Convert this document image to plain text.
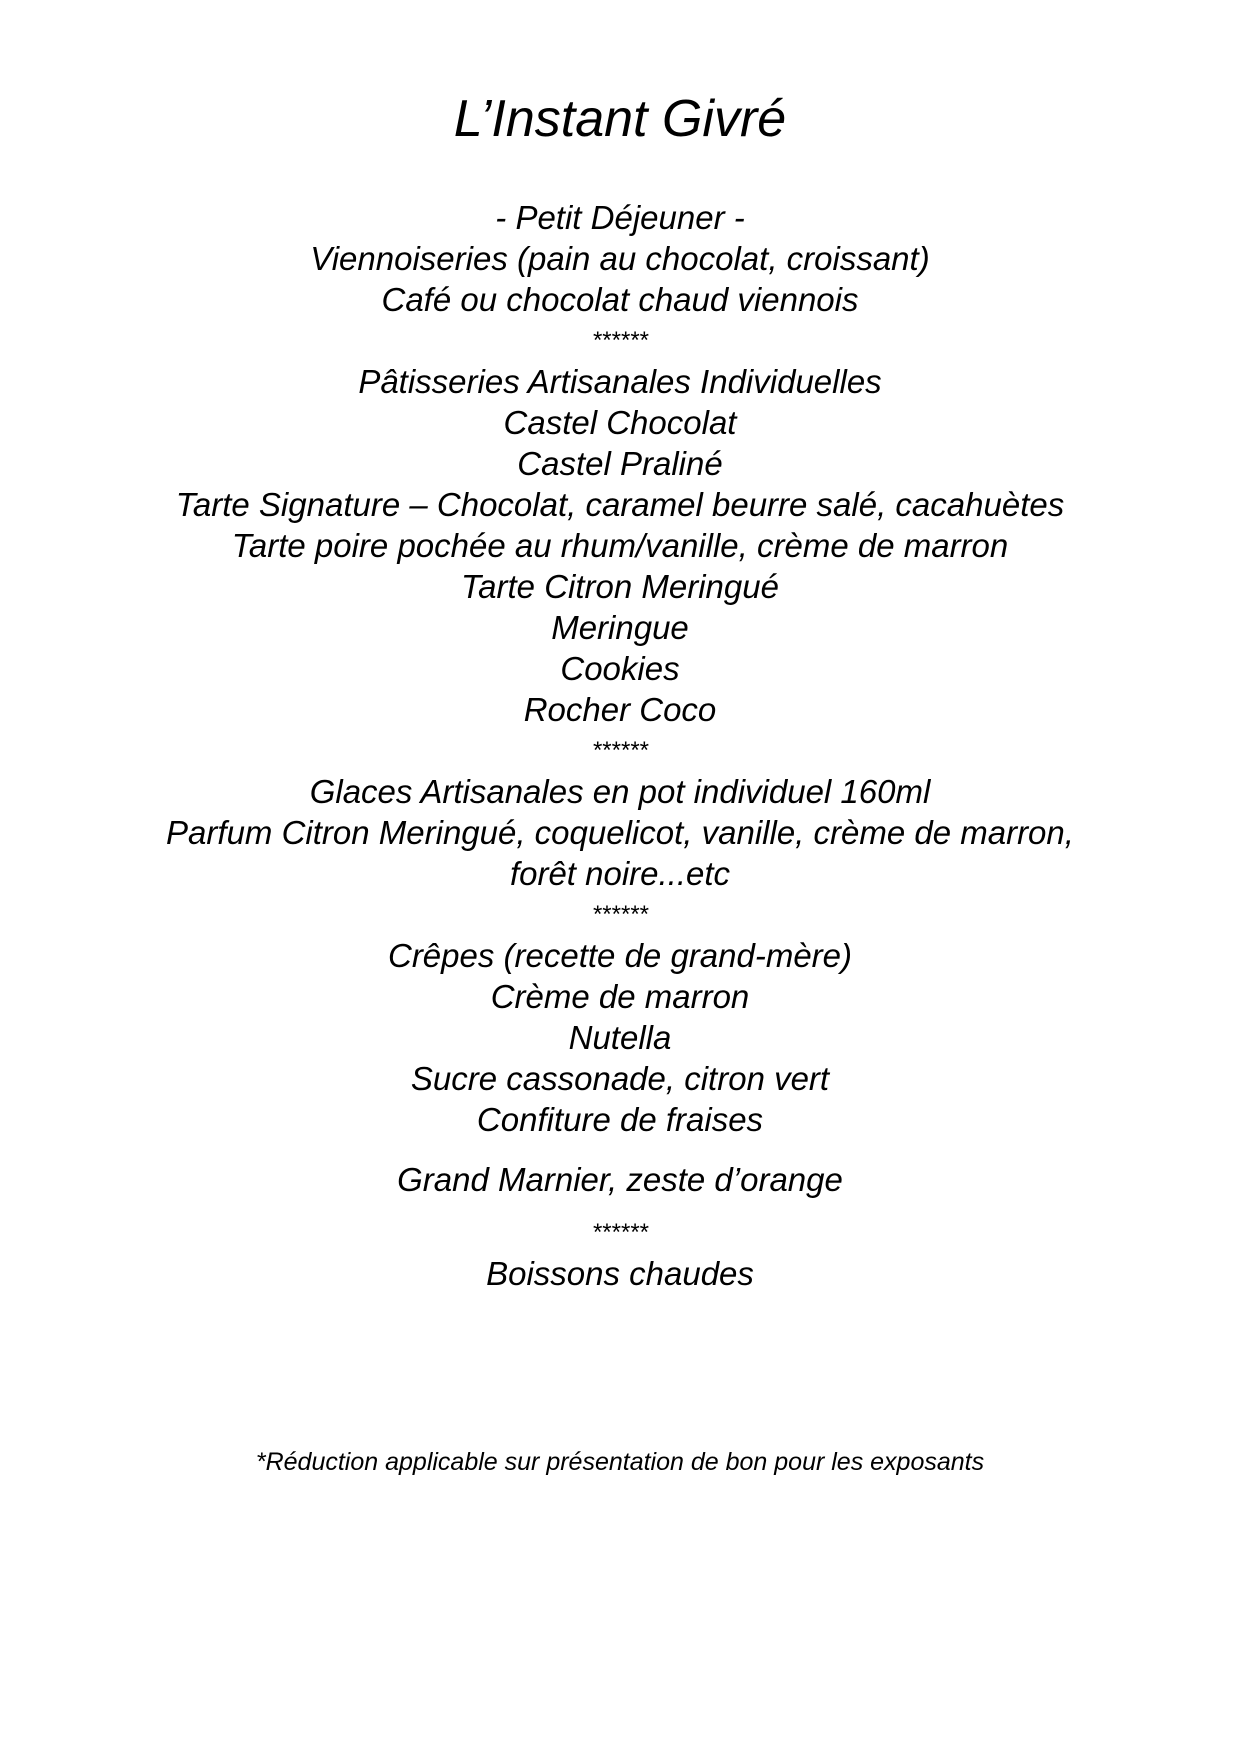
L’Instant Givré
- Petit Déjeuner -
Viennoiseries (pain au chocolat, croissant)
Café ou chocolat chaud viennois
******
Pâtisseries Artisanales Individuelles
Castel Chocolat
Castel Praliné
Tarte Signature – Chocolat, caramel beurre salé, cacahuètes
Tarte poire pochée au rhum/vanille, crème de marron
Tarte Citron Meringué
Meringue
Cookies
Rocher Coco
******
Glaces Artisanales en pot individuel 160ml
Parfum Citron Meringué, coquelicot, vanille, crème de marron,
forêt noire...etc
******
Crêpes (recette de grand-mère)
Crème de marron
Nutella
Sucre cassonade, citron vert
Confiture de fraises
Grand Marnier, zeste d’orange
******
Boissons chaudes
*Réduction applicable sur présentation de bon pour les exposants
